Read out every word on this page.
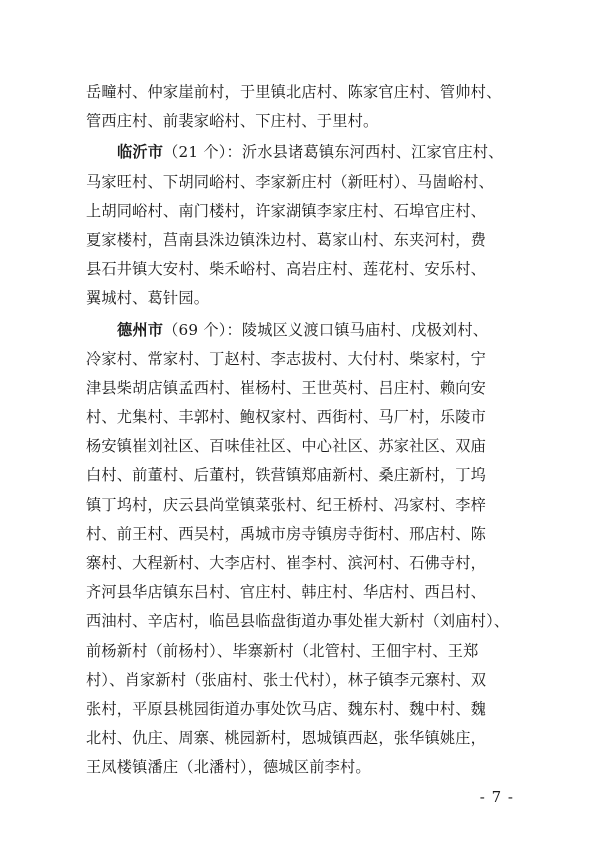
岳疃村、仲家崖前村，于里镇北店村、陈家官庄村、管帅村、

管西庄村、前裴家峪村、下庄村、于里村。

临沂市（21 个）：沂水县诸葛镇东河西村、江家官庄村、

马家旺村、下胡同峪村、李家新庄村（新旺村）、马崮峪村、

上胡同峪村、南门楼村，许家湖镇李家庄村、石埠官庄村、

夏家楼村，莒南县洙边镇洙边村、葛家山村、东夹河村，费

县石井镇大安村、柴禾峪村、高岩庄村、莲花村、安乐村、

翼城村、葛针园。

德州市（69 个）：陵城区义渡口镇马庙村、戊极刘村、

冷家村、常家村、丁赵村、李志拔村、大付村、柴家村，宁

津县柴胡店镇孟西村、崔杨村、王世英村、吕庄村、赖向安

村、尤集村、丰郭村、鲍权家村、西街村、马厂村，乐陵市

杨安镇崔刘社区、百味佳社区、中心社区、苏家社区、双庙

白村、前董村、后董村，铁营镇郑庙新村、桑庄新村，丁坞

镇丁坞村，庆云县尚堂镇菜张村、纪王桥村、冯家村、李梓

村、前王村、西吴村，禹城市房寺镇房寺街村、邢店村、陈

寨村、大程新村、大李店村、崔李村、滨河村、石佛寺村，

齐河县华店镇东吕村、官庄村、韩庄村、华店村、西吕村、

西油村、辛店村，临邑县临盘街道办事处崔大新村（刘庙村）、

前杨新村（前杨村）、毕寨新村（北管村、王佃宇村、王郑

村）、肖家新村（张庙村、张士代村），林子镇李元寨村、双

张村，平原县桃园街道办事处饮马店、魏东村、魏中村、魏

北村、仇庄、周寨、桃园新村，恩城镇西赵，张华镇姚庄，

王凤楼镇潘庄（北潘村），德城区前李村。

- 7 -
